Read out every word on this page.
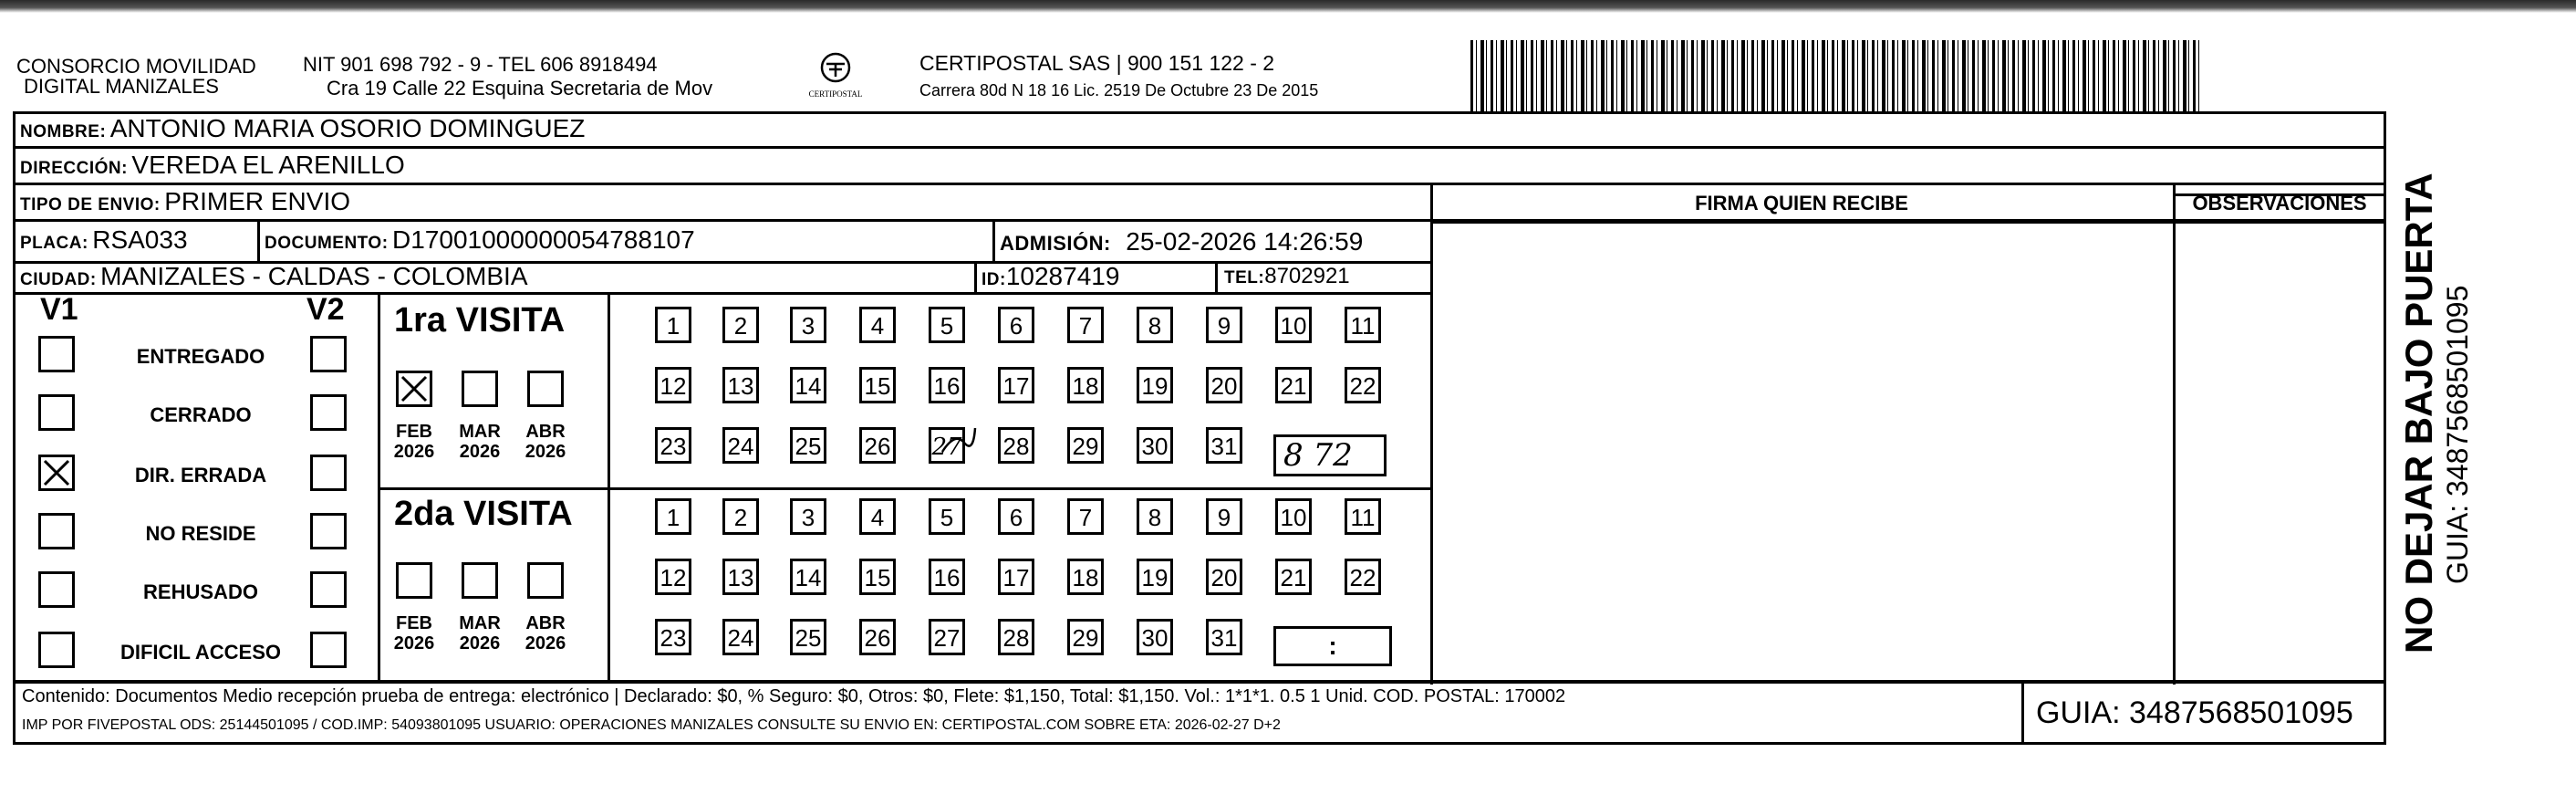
CONSORCIO MOVILIDAD
DIGITAL MANIZALES
NIT 901 698 792 - 9 - TEL 606 8918494
Cra 19 Calle 22 Esquina Secretaria de Mov	CERTIPOSTAL
CERTIPOSTAL SAS | 900 151 122 - 2
Carrera 80d N 18 16 Lic. 2519 De Octubre 23 De 2015
NOMBRE: ANTONIO MARIA OSORIO DOMINGUEZ
DIRECCIÓN: VEREDA EL ARENILLO
TIPO DE ENVIO: PRIMER ENVIO	FIRMA QUIEN RECIBE	OBSERVACIONES
PLACA: RSA033	DOCUMENTO: D17001000000054788107	ADMISIÓN: 25-02-2026 14:26:59
CIUDAD: MANIZALES - CALDAS - COLOMBIA	ID:10287419	TEL:8702921
V1	V2
ENTREGADO
CERRADO
DIR. ERRADA
NO RESIDE
REHUSADO
DIFICIL ACCESO
1ra VISITA
2da VISITA
FEB
2026
MAR
2026
ABR
2026
1	2	3	4	5	6	7	8	9	10 11
12 13 14 15 16 17 18 19 20 21 22
23 24 25 26 27 28 29 30 31
FEB
2026
MAR
2026
ABR
2026
1	2	3	4	5	6	7	8	9	10 11
12 13 14 15 16 17 18 19 20 21 22
23 24 25 26 27 28 29 30 31
8 72
:
Contenido: Documentos Medio recepción prueba de entrega: electrónico | Declarado: $0, % Seguro: $0, Otros: $0, Flete: $1,150, Total: $1,150. Vol.: 1*1*1. 0.5 1 Unid. COD. POSTAL: 170002
IMP POR FIVEPOSTAL ODS: 25144501095 / COD.IMP: 54093801095 USUARIO: OPERACIONES MANIZALES CONSULTE SU ENVIO EN: CERTIPOSTAL.COM SOBRE ETA: 2026-02-27 D+2	GUIA: 3487568501095
NO DEJAR BAJO PUERTA GUIA: 3487568501095
